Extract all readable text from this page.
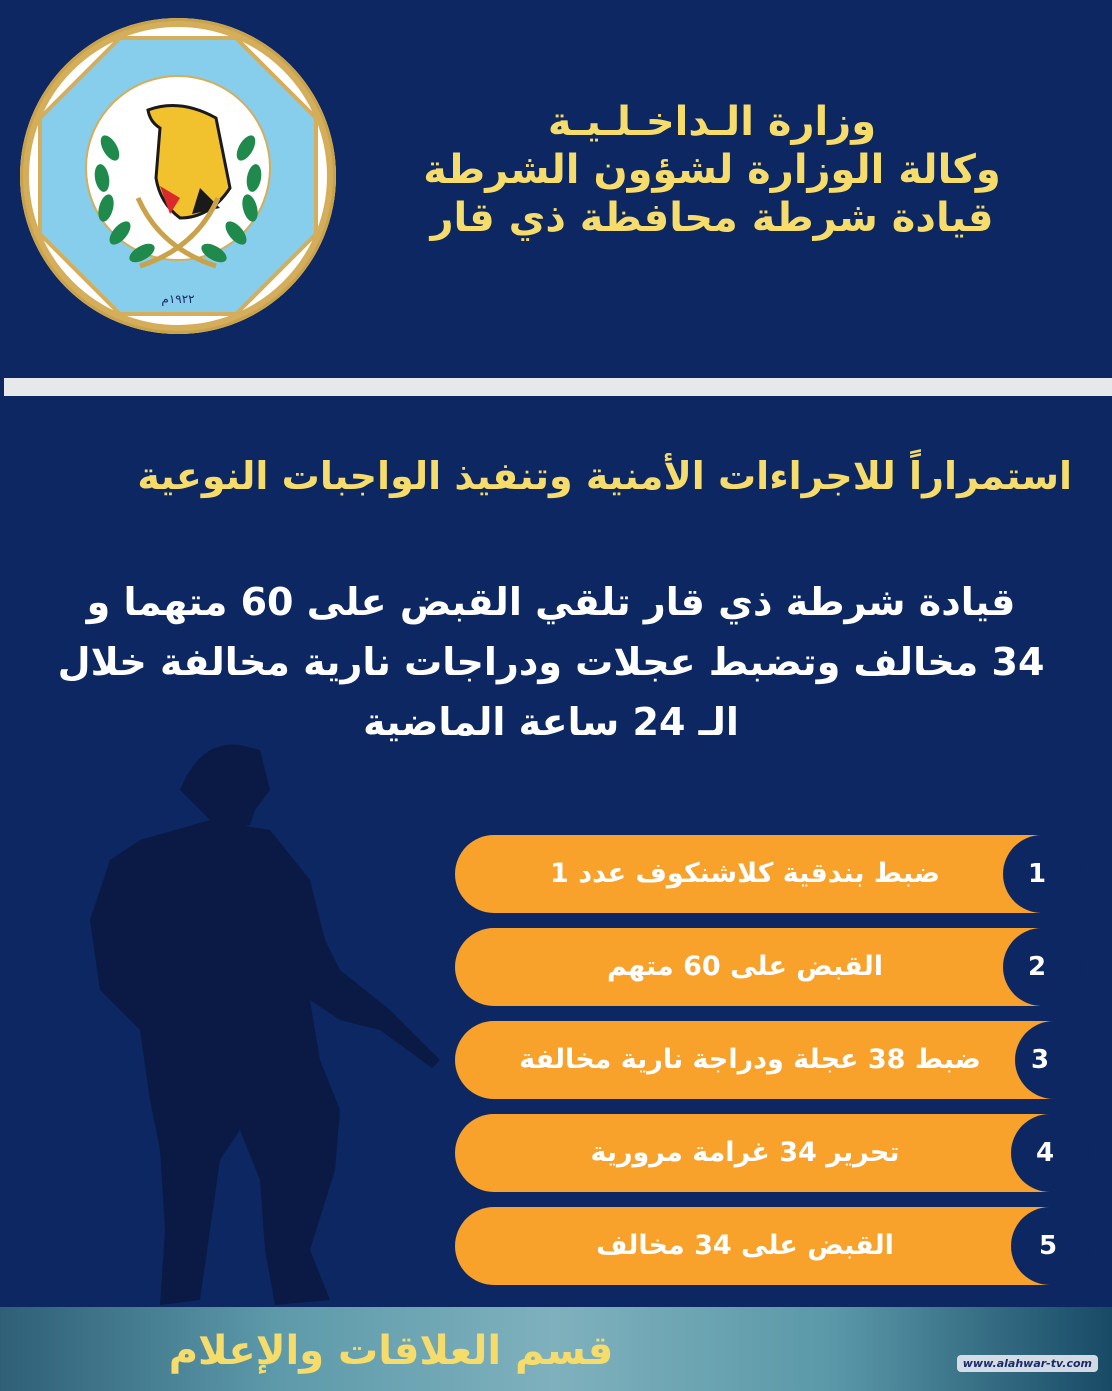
١٩٢٢م
وزارة الـداخـلـيـة
وكالة الوزارة لشؤون الشرطة
قيادة شرطة محافظة ذي قار
استمراراً للاجراءات الأمنية وتنفيذ الواجبات النوعية
قيادة شرطة ذي قار تلقي القبض على 60 متهما و
34 مخالف وتضبط عجلات ودراجات نارية مخالفة خلال
الـ 24 ساعة الماضية
ضبط بندقية كلاشنكوف عدد 1	1
القبض على 60 متهم	2
ضبط 38 عجلة ودراجة نارية مخالفة	3
تحرير 34 غرامة مرورية	4
القبض على 34 مخالف	5
قسم العلاقات والإعلام	www.alahwar-tv.com
